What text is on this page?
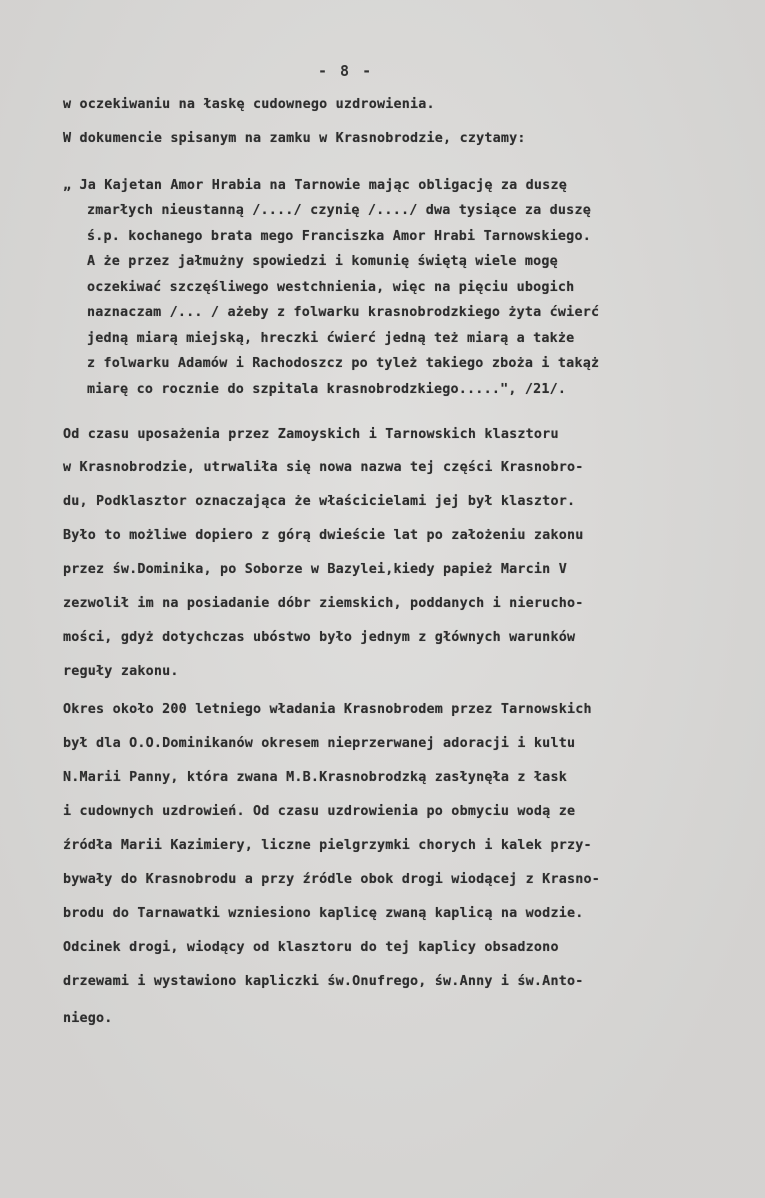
- 8 -
w oczekiwaniu na łaskę cudownego uzdrowienia.
W dokumencie spisanym na zamku w Krasnobrodzie, czytamy:
„ Ja Kajetan Amor Hrabia na Tarnowie mając obligację za duszę
zmarłych nieustanną /..../ czynię /..../ dwa tysiące za duszę
ś.p. kochanego brata mego Franciszka Amor Hrabi Tarnowskiego.
A że przez jałmużny spowiedzi i komunię świętą wiele mogę
oczekiwać szczęśliwego westchnienia, więc na pięciu ubogich
naznaczam /... / ażeby z folwarku krasnobrodzkiego żyta ćwierć
jedną miarą miejską, hreczki ćwierć jedną też miarą a także
z folwarku Adamów i Rachodoszcz po tyleż takiego zboża i takąż
miarę co rocznie do szpitala krasnobrodzkiego.....", /21/.
Od czasu uposażenia przez Zamoyskich i Tarnowskich klasztoru
w Krasnobrodzie, utrwaliła się nowa nazwa tej części Krasnobro-
du, Podklasztor oznaczająca że właścicielami jej był klasztor.
Było to możliwe dopiero z górą dwieście lat po założeniu zakonu
przez św.Dominika, po Soborze w Bazylei,kiedy papież Marcin V
zezwolił im na posiadanie dóbr ziemskich, poddanych i nierucho-
mości, gdyż dotychczas ubóstwo było jednym z głównych warunków
reguły zakonu.
Okres około 200 letniego władania Krasnobrodem przez Tarnowskich
był dla O.O.Dominikanów okresem nieprzerwanej adoracji i kultu
N.Marii Panny, która zwana M.B.Krasnobrodzką zasłynęła z łask
i cudownych uzdrowień. Od czasu uzdrowienia po obmyciu wodą ze
źródła Marii Kazimiery, liczne pielgrzymki chorych i kalek przy-
bywały do Krasnobrodu a przy źródle obok drogi wiodącej z Krasno-
brodu do Tarnawatki wzniesiono kaplicę zwaną kaplicą na wodzie.
Odcinek drogi, wiodący od klasztoru do tej kaplicy obsadzono
drzewami i wystawiono kapliczki św.Onufrego, św.Anny i św.Anto-
niego.
